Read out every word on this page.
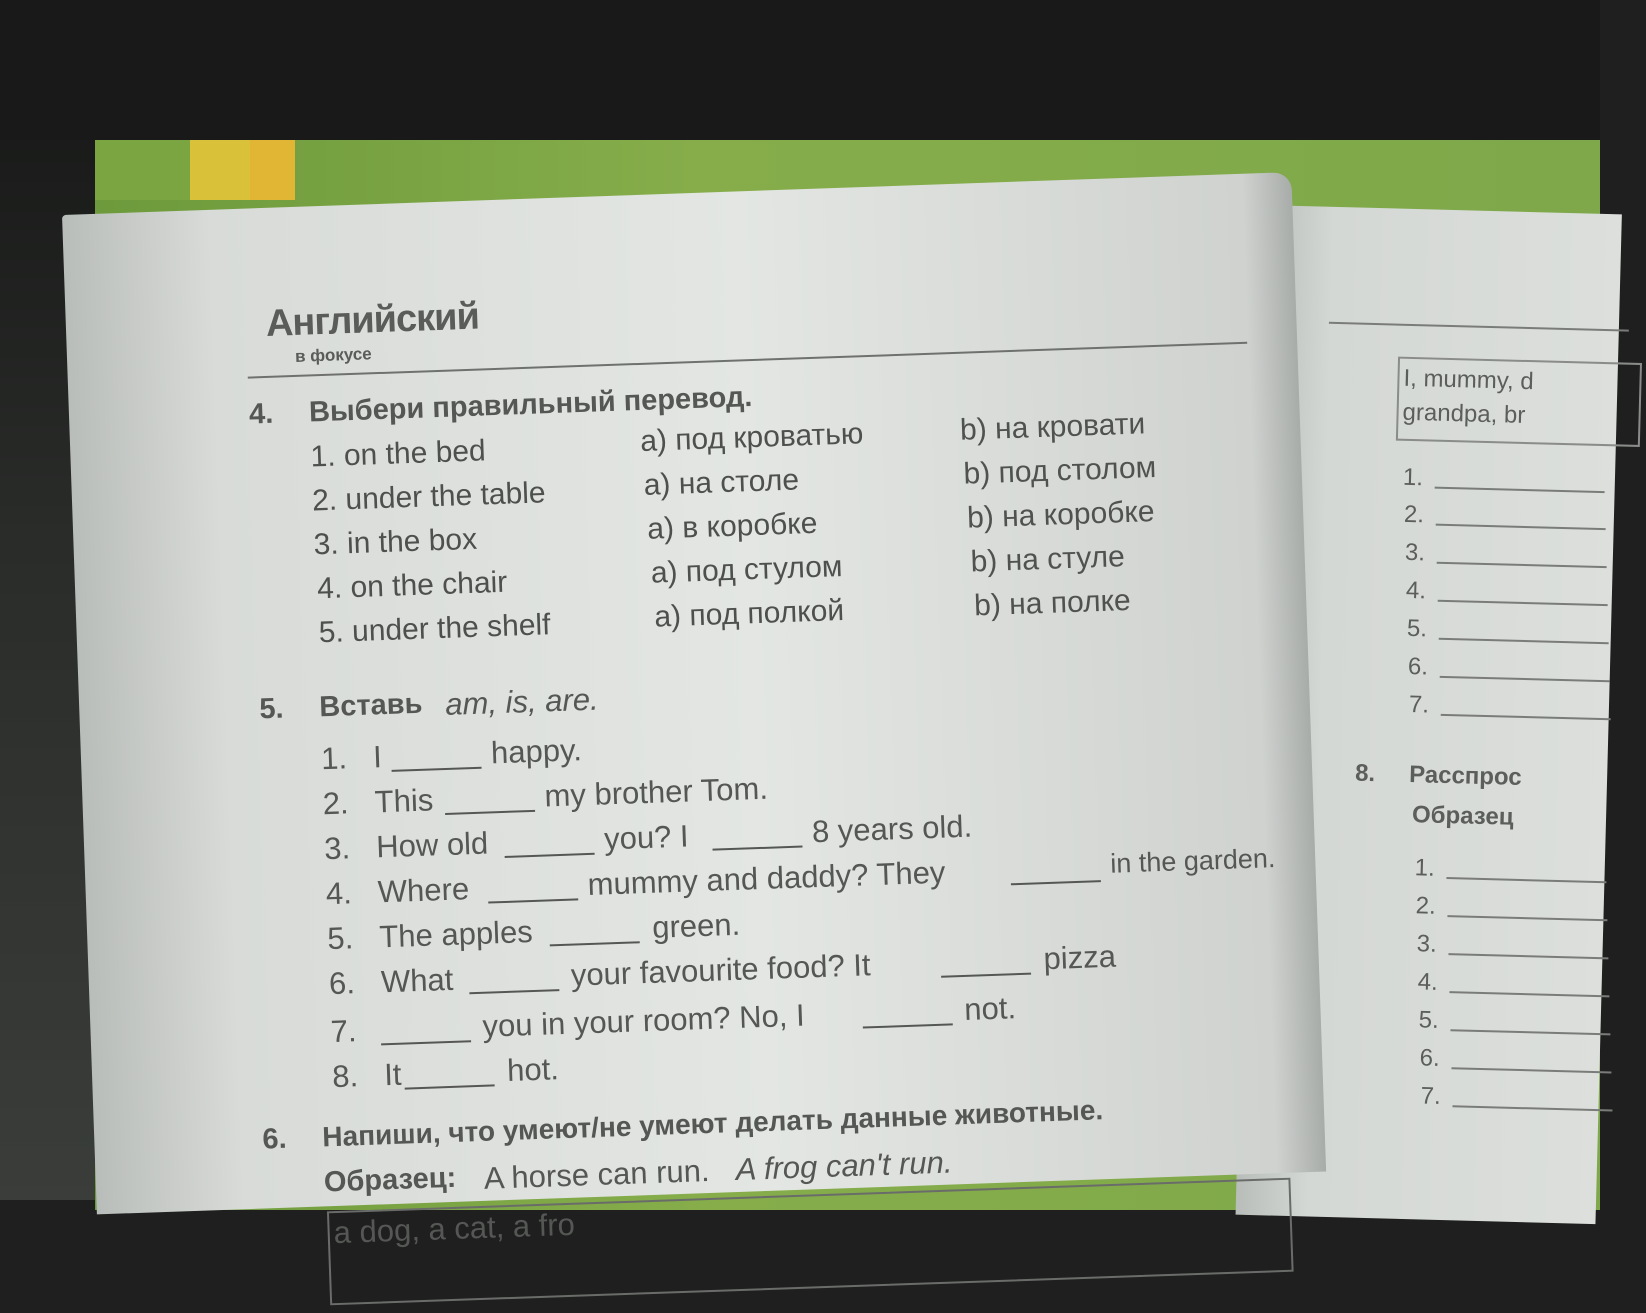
I, mummy, d
grandpa, br
1.
2.
3.
4.
5.
6.
7.
8. Расспрос
Образец
1.
2.
3.
4.
5.
6.
7.
Английский
в фокусе
4. Выбери правильный перевод.
1. on the bed	a) под кроватью	b) на кровати
2. under the table	a) на столе	b) под столом
3. in the box	a) в коробке	b) на коробке
4. on the chair	a) под стулом	b) на стуле
5. under the shelf	a) под полкой	b) на полке
5. Вставь am, is, are.
1. I	happy.
2. This	my brother Tom.
3. How old	you? I	8 years old.
4. Where	mummy and daddy? They	in the garden.
5. The apples	green.
6. What	your favourite food? It	pizza
7.	you in your room? No, I	not.
8. It	hot.
6. Напиши, что умеют/не умеют делать данные животные.
Образец: A horse can run. A frog can't run.
a dog, a cat, a fro
